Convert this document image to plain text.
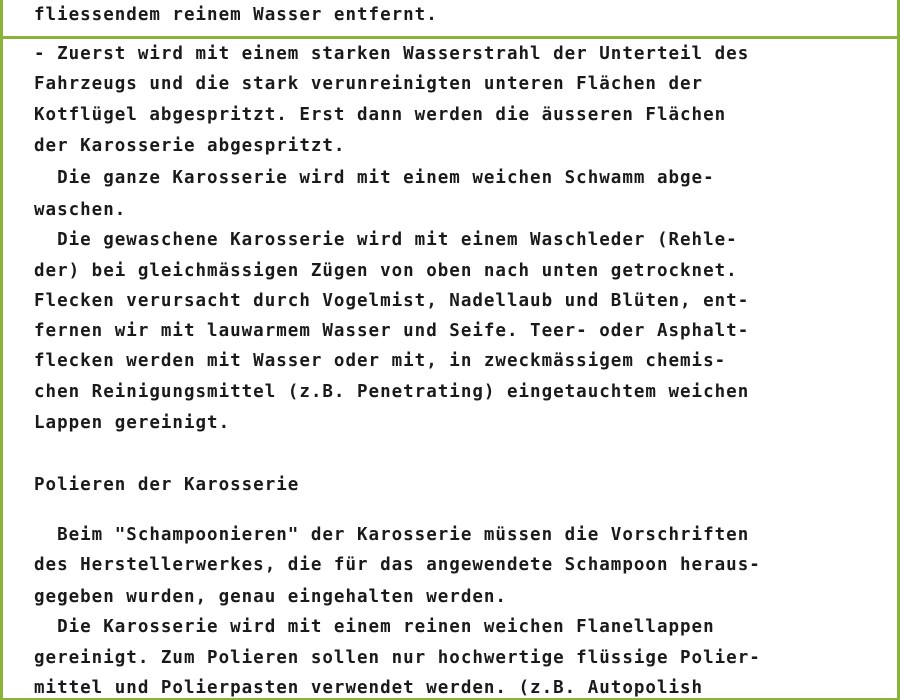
fliessendem reinem Wasser entfernt.

- Zuerst wird mit einem starken Wasserstrahl der Unterteil des

Fahrzeugs und die stark verunreinigten unteren Flächen der

Kotflügel abgespritzt. Erst dann werden die äusseren Flächen

der Karosserie abgespritzt.

Die ganze Karosserie wird mit einem weichen Schwamm abge-

waschen.

Die gewaschene Karosserie wird mit einem Waschleder (Rehle-

der) bei gleichmässigen Zügen von oben nach unten getrocknet.

Flecken verursacht durch Vogelmist, Nadellaub und Blüten, ent-

fernen wir mit lauwarmem Wasser und Seife. Teer- oder Asphalt-

flecken werden mit Wasser oder mit, in zweckmässigem chemis-

chen Reinigungsmittel (z.B. Penetrating) eingetauchtem weichen

Lappen gereinigt.

Polieren der Karosserie

Beim "Schampoonieren" der Karosserie müssen die Vorschriften

des Herstellerwerkes, die für das angewendete Schampoon heraus-

gegeben wurden, genau eingehalten werden.

Die Karosserie wird mit einem reinen weichen Flanellappen

gereinigt. Zum Polieren sollen nur hochwertige flüssige Polier-

mittel und Polierpasten verwendet werden. (z.B. Autopolish
